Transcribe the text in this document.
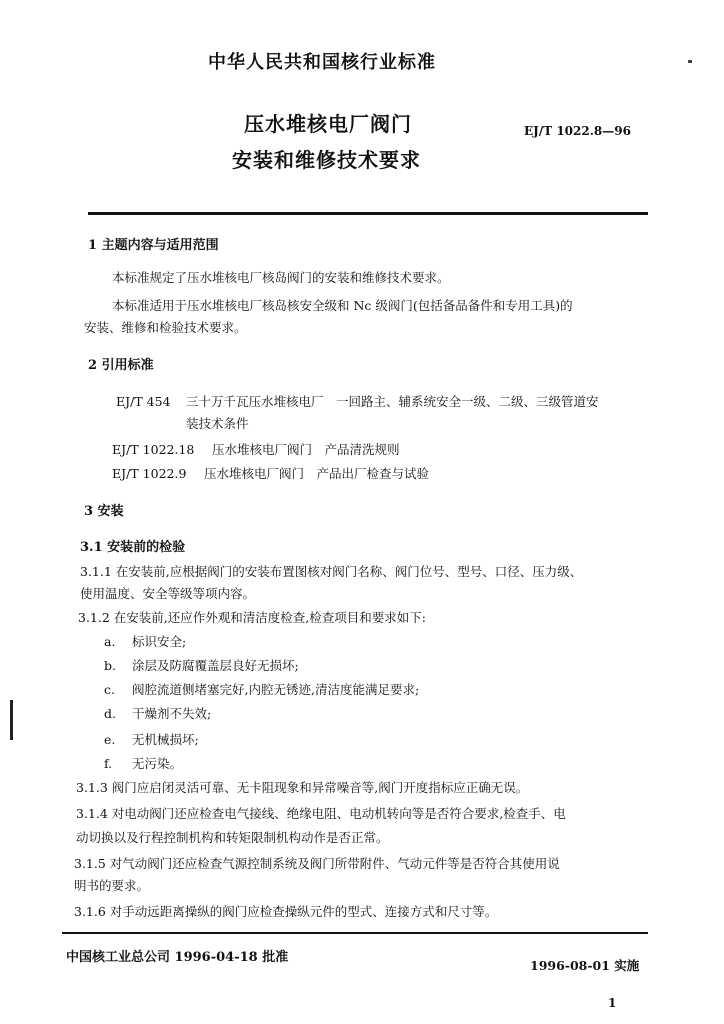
中华人民共和国核行业标准
压水堆核电厂阀门
安装和维修技术要求
EJ/T 1022.8—96
1 主题内容与适用范围
本标准规定了压水堆核电厂核岛阀门的安装和维修技术要求。
本标准适用于压水堆核电厂核岛核安全级和 Nc 级阀门(包括备品备件和专用工具)的
安装、维修和检验技术要求。
2 引用标准
EJ/T 454 三十万千瓦压水堆核电厂　一回路主、辅系统安全一级、二级、三级管道安
装技术条件
EJ/T 1022.18 压水堆核电厂阀门　产品清洗规则
EJ/T 1022.9 压水堆核电厂阀门　产品出厂检查与试验
3 安装
3.1 安装前的检验
3.1.1 在安装前,应根据阀门的安装布置图核对阀门名称、阀门位号、型号、口径、压力级、
使用温度、安全等级等项内容。
3.1.2 在安装前,还应作外观和清洁度检查,检查项目和要求如下:
a. 标识安全;
b. 涂层及防腐覆盖层良好无损坏;
c. 阀腔流道侧堵塞完好,内腔无锈迹,清洁度能满足要求;
d. 干燥剂不失效;
e. 无机械损坏;
f. 无污染。
3.1.3 阀门应启闭灵活可靠、无卡阻现象和异常噪音等,阀门开度指标应正确无误。
3.1.4 对电动阀门还应检查电气接线、绝缘电阻、电动机转向等是否符合要求,检查手、电
动切换以及行程控制机构和转矩限制机构动作是否正常。
3.1.5 对气动阀门还应检查气源控制系统及阀门所带附件、气动元件等是否符合其使用说
明书的要求。
3.1.6 对手动远距离操纵的阀门应检查操纵元件的型式、连接方式和尺寸等。
中国核工业总公司 1996-04-18 批准
1996-08-01 实施
1
